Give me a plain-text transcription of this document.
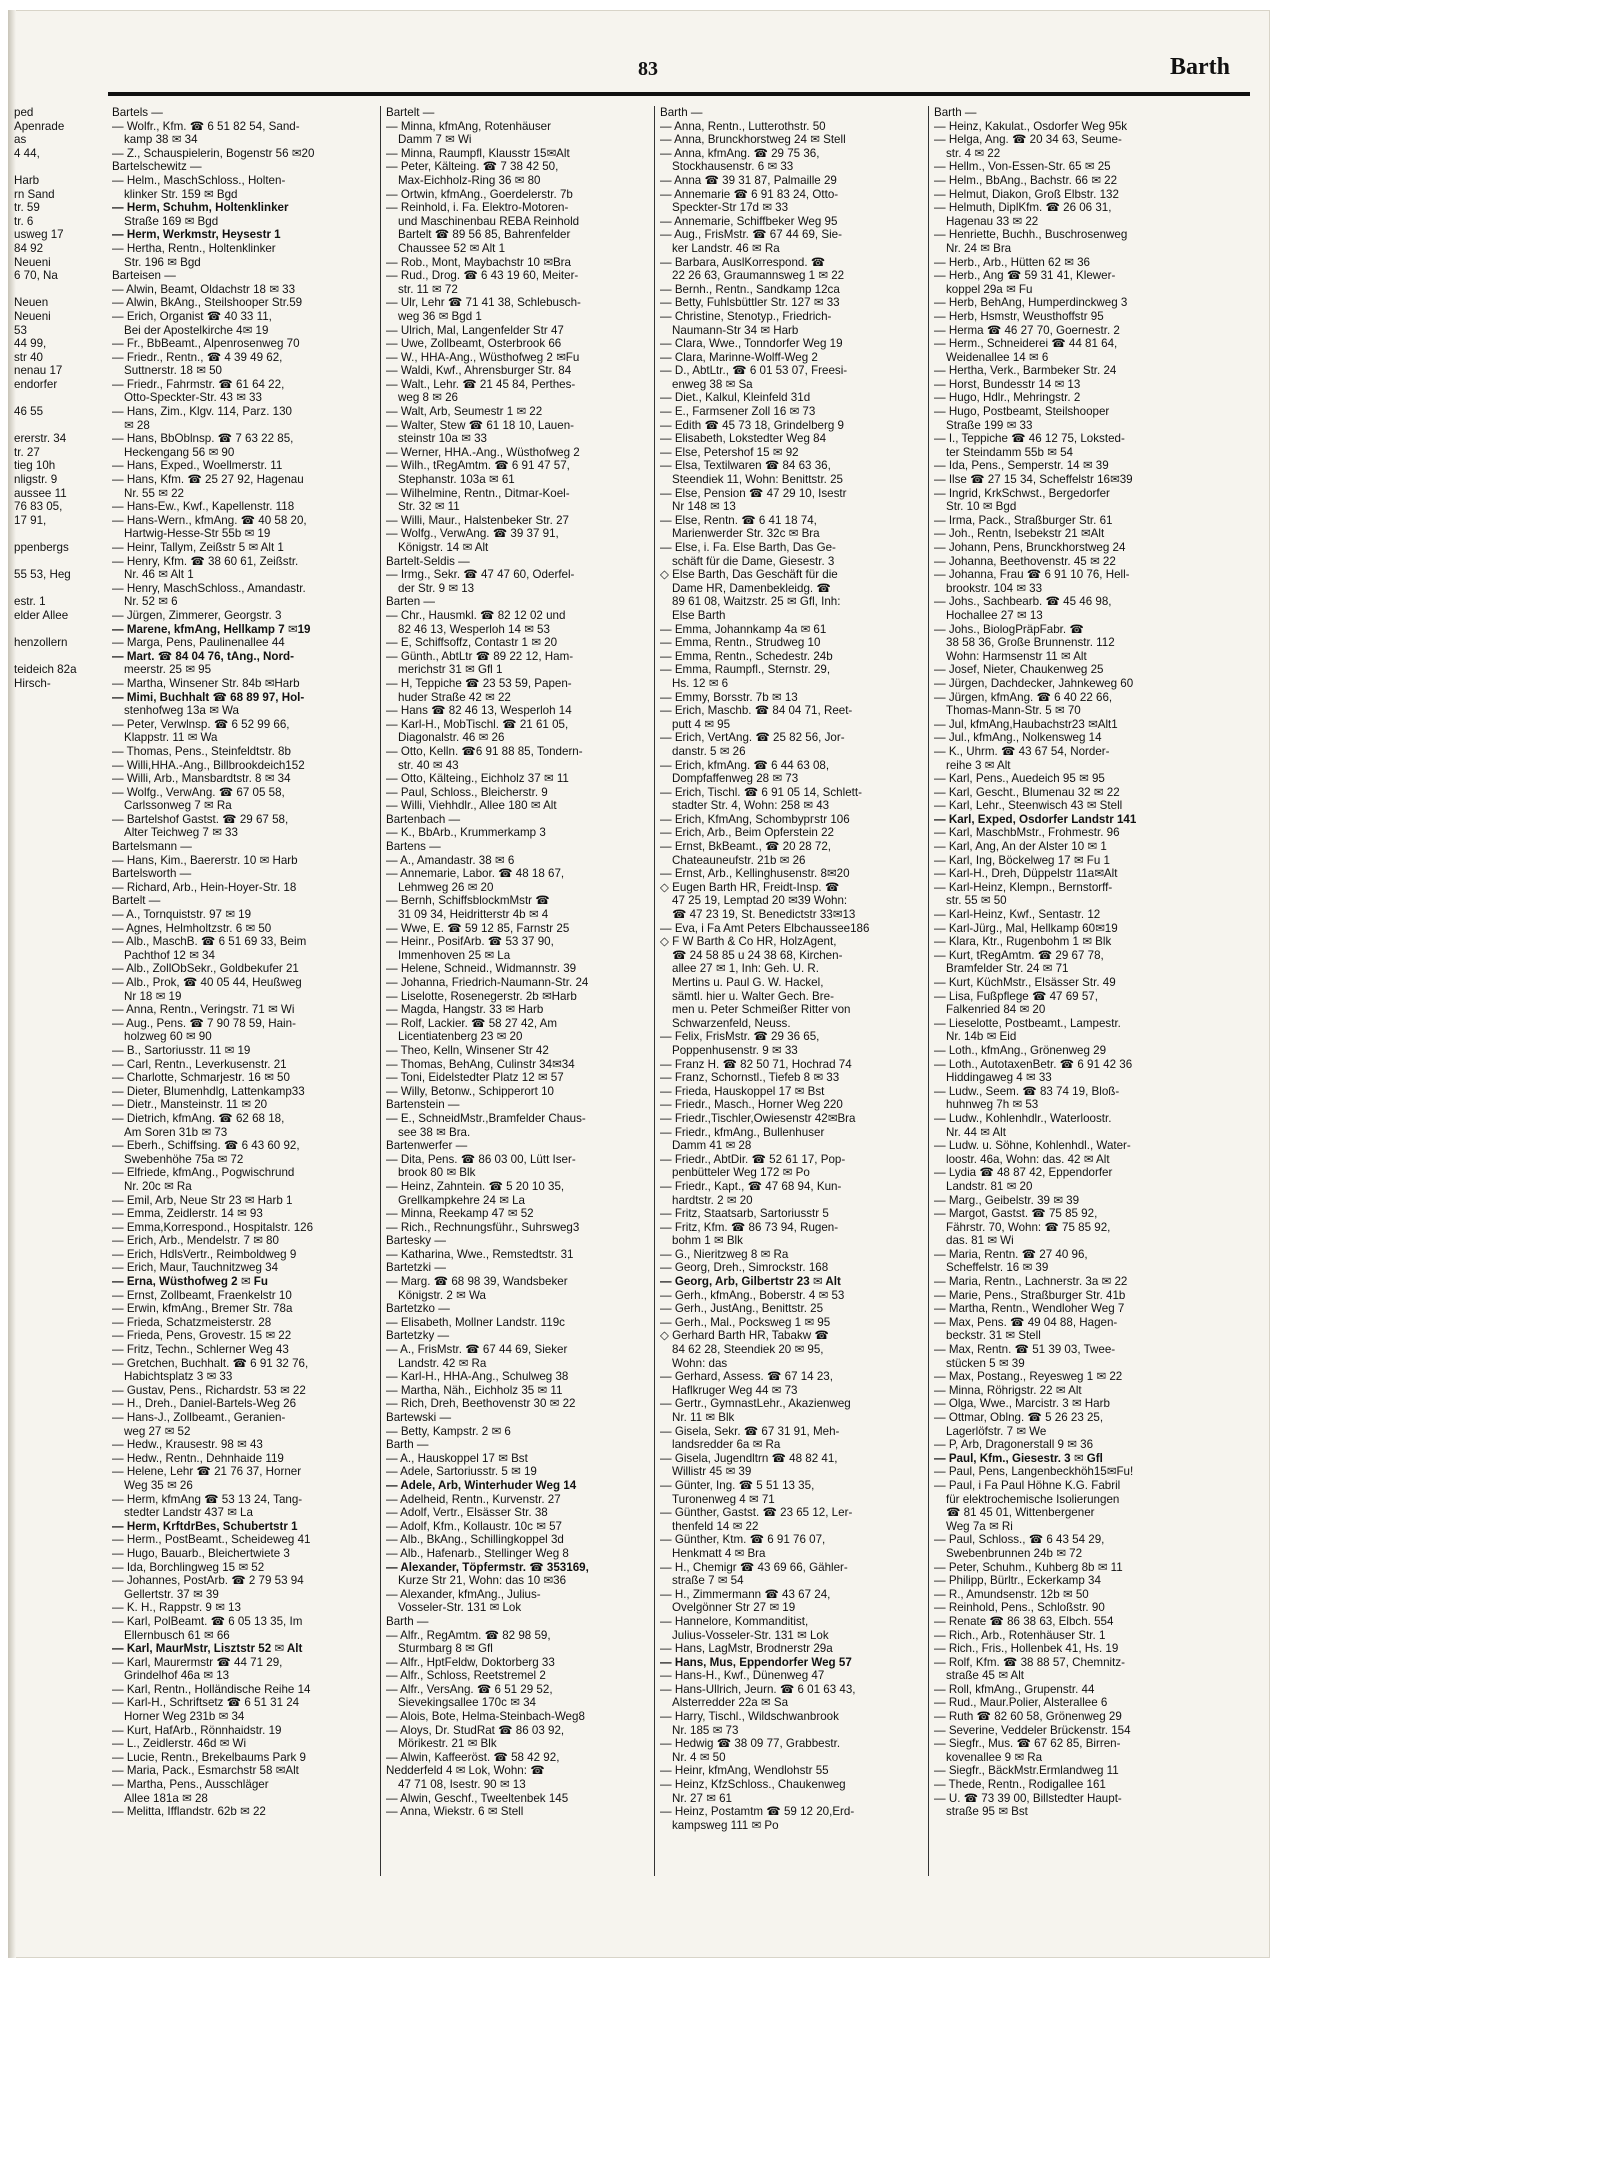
ped
Apenrade
as
4 44,

Harb
rn Sand
tr. 59
tr. 6
usweg 17
84 92
Neueni
6 70, Na

Neuen
Neueni
53
44 99,
str 40
nenau 17
endorfer

46 55

ererstr. 34
tr. 27
tieg 10h
nligstr. 9
aussee 11
76 83 05,
17 91,

ppenbergs

55 53, Heg

estr. 1
elder Allee

henzollern

teideich 82a
Hirsch-
83	Barth
Bartels —
— Wolfr., Kfm. ☎ 6 51 82 54, Sand-
kamp 38 ✉ 34
— Z., Schauspielerin, Bogenstr 56 ✉20
Bartelschewitz —
— Helm., MaschSchloss., Holten-
klinker Str. 159 ✉ Bgd
— Herm, Schuhm, Holtenklinker
Straße 169 ✉ Bgd
— Herm, Werkmstr, Heysestr 1
— Hertha, Rentn., Holtenklinker
Str. 196 ✉ Bgd
Barteisen —
— Alwin, Beamt, Oldachstr 18 ✉ 33
— Alwin, BkAng., Steilshooper Str.59
— Erich, Organist ☎ 40 33 11,
Bei der Apostelkirche 4✉ 19
— Fr., BbBeamt., Alpenrosenweg 70
— Friedr., Rentn., ☎ 4 39 49 62,
Suttnerstr. 18 ✉ 50
— Friedr., Fahrmstr. ☎ 61 64 22,
Otto-Speckter-Str. 43 ✉ 33
— Hans, Zim., Klgv. 114, Parz. 130
✉ 28
— Hans, BbOblnsp. ☎ 7 63 22 85,
Heckengang 56 ✉ 90
— Hans, Exped., Woellmerstr. 11
— Hans, Kfm. ☎ 25 27 92, Hagenau
Nr. 55 ✉ 22
— Hans-Ew., Kwf., Kapellenstr. 118
— Hans-Wern., kfmAng. ☎ 40 58 20,
Hartwig-Hesse-Str 55b ✉ 19
— Heinr, Tallym, Zeißstr 5 ✉ Alt 1
— Henry, Kfm. ☎ 38 60 61, Zeißstr.
Nr. 46 ✉ Alt 1
— Henry, MaschSchloss., Amandastr.
Nr. 52 ✉ 6
— Jürgen, Zimmerer, Georgstr. 3
— Marene, kfmAng, Hellkamp 7 ✉19
— Marga, Pens, Paulinenallee 44
— Mart. ☎ 84 04 76, tAng., Nord-
meerstr. 25 ✉ 95
— Martha, Winsener Str. 84b ✉Harb
— Mimi, Buchhalt ☎ 68 89 97, Hol-
stenhofweg 13a ✉ Wa
— Peter, Verwlnsp. ☎ 6 52 99 66,
Klappstr. 11 ✉ Wa
— Thomas, Pens., Steinfeldtstr. 8b
— Willi,HHA.-Ang., Billbrookdeich152
— Willi, Arb., Mansbardtstr. 8 ✉ 34
— Wolfg., VerwAng. ☎ 67 05 58,
Carlssonweg 7 ✉ Ra
— Bartelshof Gastst. ☎ 29 67 58,
Alter Teichweg 7 ✉ 33
Bartelsmann —
— Hans, Kim., Baererstr. 10 ✉ Harb
Bartelsworth —
— Richard, Arb., Hein-Hoyer-Str. 18
Bartelt —
— A., Tornquiststr. 97 ✉ 19
— Agnes, Helmholtzstr. 6 ✉ 50
— Alb., MaschB. ☎ 6 51 69 33, Beim
Pachthof 12 ✉ 34
— Alb., ZollObSekr., Goldbekufer 21
— Alb., Prok, ☎ 40 05 44, Heußweg
Nr 18 ✉ 19
— Anna, Rentn., Veringstr. 71 ✉ Wi
— Aug., Pens. ☎ 7 90 78 59, Hain-
holzweg 60 ✉ 90
— B., Sartoriusstr. 11 ✉ 19
— Carl, Rentn., Leverkusenstr. 21
— Charlotte, Schmarjestr. 16 ✉ 50
— Dieter, Blumenhdlg, Lattenkamp33
— Dietr., Mansteinstr. 11 ✉ 20
— Dietrich, kfmAng. ☎ 62 68 18,
Am Soren 31b ✉ 73
— Eberh., Schiffsing. ☎ 6 43 60 92,
Swebenhöhe 75a ✉ 72
— Elfriede, kfmAng., Pogwischrund
Nr. 20c ✉ Ra
— Emil, Arb, Neue Str 23 ✉ Harb 1
— Emma, Zeidlerstr. 14 ✉ 93
— Emma,Korrespond., Hospitalstr. 126
— Erich, Arb., Mendelstr. 7 ✉ 80
— Erich, HdlsVertr., Reimboldweg 9
— Erich, Maur, Tauchnitzweg 34
— Erna, Wüsthofweg 2 ✉ Fu
— Ernst, Zollbeamt, Fraenkelstr 10
— Erwin, kfmAng., Bremer Str. 78a
— Friedа, Schatzmeisterstr. 28
— Frieda, Pens, Grovestr. 15 ✉ 22
— Fritz, Techn., Schlerner Weg 43
— Gretchen, Buchhalt. ☎ 6 91 32 76,
Habichtsplatz 3 ✉ 33
— Gustav, Pens., Richardstr. 53 ✉ 22
— H., Dreh., Daniel-Bartels-Weg 26
— Hans-J., Zollbeamt., Geranien-
weg 27 ✉ 52
— Hedw., Krausestr. 98 ✉ 43
— Hedw., Rentn., Dehnhaide 119
— Helene, Lehr ☎ 21 76 37, Horner
Weg 35 ✉ 26
— Herm, kfmAng ☎ 53 13 24, Tang-
stedter Landstr 437 ✉ La
— Herm, KrftdrBes, Schubertstr 1
— Herm., PostBeamt., Scheideweg 41
— Hugo, Bauarb., Bleichertwiete 3
— Ida, Borchlingweg 15 ✉ 52
— Johannes, PostArb. ☎ 2 79 53 94
Gellertstr. 37 ✉ 39
— K. H., Rappstr. 9 ✉ 13
— Karl, PolBeamt. ☎ 6 05 13 35, Im
Ellernbusch 61 ✉ 66
— Karl, MaurMstr, Lisztstr 52 ✉ Alt
— Karl, Maurermstr ☎ 44 71 29,
Grindelhof 46a ✉ 13
— Karl, Rentn., Holländische Reihe 14
— Karl-H., Schriftsetz ☎ 6 51 31 24
Horner Weg 231b ✉ 34
— Kurt, HafArb., Rönnhaidstr. 19
— L., Zeidlerstr. 46d ✉ Wi
— Lucie, Rentn., Brekelbaums Park 9
— Maria, Pack., Esmarchstr 58 ✉Alt
— Martha, Pens., Ausschläger
Allee 181a ✉ 28
— Melitta, Ifflandstr. 62b ✉ 22
Bartelt —
— Minna, kfmAng, Rotenhäuser
Damm 7 ✉ Wi
— Minna, Raumpfl, Klausstr 15✉Alt
— Peter, Kälteing. ☎ 7 38 42 50,
Max-Eichholz-Ring 36 ✉ 80
— Ortwin, kfmAng., Goerdelerstr. 7b
— Reinhold, i. Fa. Elektro-Motoren-
und Maschinenbau REBA Reinhold
Bartelt ☎ 89 56 85, Bahrenfelder
Chaussee 52 ✉ Alt 1
— Rob., Mont, Maybachstr 10 ✉Bra
— Rud., Drog. ☎ 6 43 19 60, Meiter-
str. 11 ✉ 72
— Ulr, Lehr ☎ 71 41 38, Schlebusch-
weg 36 ✉ Bgd 1
— Ulrich, Mal, Langenfelder Str 47
— Uwe, Zollbeamt, Osterbrook 66
— W., HHA-Ang., Wüsthofweg 2 ✉Fu
— Waldi, Kwf., Ahrensburger Str. 84
— Walt., Lehr. ☎ 21 45 84, Perthes-
weg 8 ✉ 26
— Walt, Arb, Seumestr 1 ✉ 22
— Walter, Stew ☎ 61 18 10, Lauen-
steinstr 10a ✉ 33
— Werner, HHA.-Ang., Wüsthofweg 2
— Wilh., tRegAmtm. ☎ 6 91 47 57,
Stephanstr. 103a ✉ 61
— Wilhelmine, Rentn., Ditmar-Koel-
Str. 32 ✉ 11
— Willi, Maur., Halstenbeker Str. 27
— Wolfg., VerwAng. ☎ 39 37 91,
Königstr. 14 ✉ Alt
Bartelt-Seldis —
— Irmg., Sekr. ☎ 47 47 60, Oderfel-
der Str. 9 ✉ 13
Barten —
— Chr., Hausmkl. ☎ 82 12 02 und
82 46 13, Wesperloh 14 ✉ 53
— E, Schiffsoffz, Contastr 1 ✉ 20
— Günth., AbtLtr ☎ 89 22 12, Ham-
merichstr 31 ✉ Gfl 1
— H, Teppiche ☎ 23 53 59, Papen-
huder Straße 42 ✉ 22
— Hans ☎ 82 46 13, Wesperloh 14
— Karl-H., MobTischl. ☎ 21 61 05,
Diagonalstr. 46 ✉ 26
— Otto, Kelln. ☎6 91 88 85, Tondern-
str. 40 ✉ 43
— Otto, Kälteing., Eichholz 37 ✉ 11
— Paul, Schloss., Bleicherstr. 9
— Willi, Viehhdlr., Allee 180 ✉ Alt
Bartenbach —
— K., BbArb., Krummerkamp 3
Bartens —
— A., Amandastr. 38 ✉ 6
— Annemarie, Labor. ☎ 48 18 67,
Lehmweg 26 ✉ 20
— Bernh, SchiffsblockmMstr ☎
31 09 34, Heidritterstr 4b ✉ 4
— Wwe, E. ☎ 59 12 85, Farnstr 25
— Heinr., PosifArb. ☎ 53 37 90,
Immenhoven 25 ✉ La
— Helene, Schneid., Widmannstr. 39
— Johanna, Friedrich-Naumann-Str. 24
— Liselotte, Rosenegerstr. 2b ✉Harb
— Magda, Hangstr. 33 ✉ Harb
— Rolf, Lackier. ☎ 58 27 42, Am
Licentiatenberg 23 ✉ 20
— Theo, Kelln, Winsener Str 42
— Thomas, BehAng, Culinstr 34✉34
— Toni, Eidelstedter Platz 12 ✉ 57
— Willy, Betonw., Schipperort 10
Bartenstein —
— E., SchneidMstr.,Bramfelder Chaus-
see 38 ✉ Bra.
Bartenwerfer —
— Dita, Pens. ☎ 86 03 00, Lütt Iser-
brook 80 ✉ Blk
— Heinz, Zahntein. ☎ 5 20 10 35,
Grellkampkehre 24 ✉ La
— Minna, Reekamp 47 ✉ 52
— Rich., Rechnungsführ., Suhrsweg3
Bartesky —
— Katharina, Wwe., Remstedtstr. 31
Bartetzki —
— Marg. ☎ 68 98 39, Wandsbeker
Königstr. 2 ✉ Wa
Bartetzko —
— Elisabeth, Mollner Landstr. 119c
Bartetzky —
— A., FrisMstr. ☎ 67 44 69, Sieker
Landstr. 42 ✉ Ra
— Karl-H., HHA-Ang., Schulweg 38
— Martha, Näh., Eichholz 35 ✉ 11
— Rich, Dreh, Beethovenstr 30 ✉ 22
Bartewski —
— Betty, Kampstr. 2 ✉ 6
Barth —
— A., Hauskoppel 17 ✉ Bst
— Adele, Sartoriusstr. 5 ✉ 19
— Adele, Arb, Winterhuder Weg 14
— Adelheid, Rentn., Kurvenstr. 27
— Adolf, Vertr., Elsässer Str. 38
— Adolf, Kfm., Kollaustr. 10c ✉ 57
— Alb., BkAng., Schillingkoppel 3d
— Alb., Hafenarb., Stellinger Weg 8
— Alexander, Töpfermstr. ☎ 353169,
Kurze Str 21, Wohn: das 10 ✉36
— Alexander, kfmAng., Julius-
Vosseler-Str. 131 ✉ Lok
Barth —
— Alfr., RegAmtm. ☎ 82 98 59,
Sturmbarg 8 ✉ Gfl
— Alfr., HptFeldw, Doktorberg 33
— Alfr., Schloss, Reetstremel 2
— Alfr., VersAng. ☎ 6 51 29 52,
Sievekingsallee 170c ✉ 34
— Alois, Bote, Helma-Steinbach-Weg8
— Aloys, Dr. StudRat ☎ 86 03 92,
Mörikestr. 21 ✉ Blk
— Alwin, Kaffeeröst. ☎ 58 42 92,
Nedderfeld 4 ✉ Lok, Wohn: ☎
47 71 08, Isestr. 90 ✉ 13
— Alwin, Geschf., Tweeltenbek 145
— Anna, Wiekstr. 6 ✉ Stell
Barth —
— Anna, Rentn., Lutterothstr. 50
— Anna, Brunckhorstweg 24 ✉ Stell
— Anna, kfmAng. ☎ 29 75 36,
Stockhausenstr. 6 ✉ 33
— Anna ☎ 39 31 87, Palmaille 29
— Annemarie ☎ 6 91 83 24, Otto-
Speckter-Str 17d ✉ 33
— Annemarie, Schiffbeker Weg 95
— Aug., FrisMstr. ☎ 67 44 69, Sie-
ker Landstr. 46 ✉ Ra
— Barbara, AuslKorrespond. ☎
22 26 63, Graumannsweg 1 ✉ 22
— Bernh., Rentn., Sandkamp 12ca
— Betty, Fuhlsbüttler Str. 127 ✉ 33
— Christine, Stenotyp., Friedrich-
Naumann-Str 34 ✉ Harb
— Clara, Wwe., Tonndorfer Weg 19
— Clara, Marinne-Wolff-Weg 2
— D., AbtLtr., ☎ 6 01 53 07, Freesi-
enweg 38 ✉ Sa
— Diet., Kalkul, Kleinfeld 31d
— E., Farmsener Zoll 16 ✉ 73
— Edith ☎ 45 73 18, Grindelberg 9
— Elisabeth, Lokstedter Weg 84
— Else, Petershof 15 ✉ 92
— Elsa, Textilwaren ☎ 84 63 36,
Steendiek 11, Wohn: Benittstr. 25
— Else, Pension ☎ 47 29 10, Isestr
Nr 148 ✉ 13
— Else, Rentn. ☎ 6 41 18 74,
Marienwerder Str. 32c ✉ Bra
— Else, i. Fa. Else Barth, Das Ge-
schäft für die Dame, Giesestr. 3
◇ Else Barth, Das Geschäft für die
Dame HR, Damenbekleidg. ☎
89 61 08, Waitzstr. 25 ✉ Gfl, Inh:
Else Barth
— Emma, Johannkamp 4a ✉ 61
— Emma, Rentn., Strudweg 10
— Emma, Rentn., Schedestr. 24b
— Emma, Raumpfl., Sternstr. 29,
Hs. 12 ✉ 6
— Emmy, Borsstr. 7b ✉ 13
— Erich, Maschb. ☎ 84 04 71, Reet-
putt 4 ✉ 95
— Erich, VertAng. ☎ 25 82 56, Jor-
danstr. 5 ✉ 26
— Erich, kfmAng. ☎ 6 44 63 08,
Dompfaffenweg 28 ✉ 73
— Erich, Tischl. ☎ 6 91 05 14, Schlett-
stadter Str. 4, Wohn: 258 ✉ 43
— Erich, KfmAng, Schombургstr 106
— Erich, Arb., Beim Opferstein 22
— Ernst, BkBeamt., ☎ 20 28 72,
Chateauneufstr. 21b ✉ 26
— Ernst, Arb., Kellinghusenstr. 8✉20
◇ Eugen Barth HR, Freidt-Insp. ☎
47 25 19, Lemptad 20 ✉39 Wohn:
☎ 47 23 19, St. Benedictstr 33✉13
— Eva, i Fa Amt Peters Elbchaussee186
◇ F W Barth & Co HR, HolzAgent,
☎ 24 58 85 u 24 38 68, Kirchen-
allee 27 ✉ 1, Inh: Geh. U. R.
Mertins u. Paul G. W. Hackel,
sämtl. hier u. Walter Gech. Bre-
men u. Peter Schmeißer Ritter von
Schwarzenfeld, Neuss.
— Felix, FrisMstr. ☎ 29 36 65,
Poppenhusenstr. 9 ✉ 33
— Franz H. ☎ 82 50 71, Hochrad 74
— Franz, Schornstl., Tiefeb 8 ✉ 33
— Frieda, Hauskoppel 17 ✉ Bst
— Friedr., Masch., Horner Weg 220
— Friedr.,Tischler,Owiesenstr 42✉Bra
— Friedr., kfmAng., Bullenhuser
Damm 41 ✉ 28
— Friedr., AbtDir. ☎ 52 61 17, Pop-
penbütteler Weg 172 ✉ Po
— Friedr., Kapt., ☎ 47 68 94, Kun-
hardtstr. 2 ✉ 20
— Fritz, Staatsarb, Sartoriusstr 5
— Fritz, Kfm. ☎ 86 73 94, Rugen-
bohm 1 ✉ Blk
— G., Nieritzweg 8 ✉ Ra
— Georg, Dreh., Simrockstr. 168
— Georg, Arb, Gilbertstr 23 ✉ Alt
— Gerh., kfmAng., Boberstr. 4 ✉ 53
— Gerh., JustAng., Benittstr. 25
— Gerh., Mal., Pocksweg 1 ✉ 95
◇ Gerhard Barth HR, Tabakw ☎
84 62 28, Steendiek 20 ✉ 95,
Wohn: das
— Gerhard, Assess. ☎ 67 14 23,
Haflkruger Weg 44 ✉ 73
— Gertr., GymnastLehr., Akazienweg
Nr. 11 ✉ Blk
— Gisela, Sekr. ☎ 67 31 91, Meh-
landsredder 6a ✉ Ra
— Gisela, Jugendltrn ☎ 48 82 41,
Willistr 45 ✉ 39
— Günter, Ing. ☎ 5 51 13 35,
Turonenweg 4 ✉ 71
— Günther, Gastst. ☎ 23 65 12, Ler-
thenfeld 14 ✉ 22
— Günther, Ktm. ☎ 6 91 76 07,
Henkmatt 4 ✉ Bra
— H., Chemigr ☎ 43 69 66, Gähler-
straße 7 ✉ 54
— H., Zimmermann ☎ 43 67 24,
Ovelgönner Str 27 ✉ 19
— Hannelore, Kommanditist,
Julius-Vosseler-Str. 131 ✉ Lok
— Hans, LagMstr, Brodnerstr 29a
— Hans, Mus, Eppendorfer Weg 57
— Hans-H., Kwf., Dünenweg 47
— Hans-Ullrich, Jeurn. ☎ 6 01 63 43,
Alsterredder 22a ✉ Sa
— Harry, Tischl., Wildschwanbrook
Nr. 185 ✉ 73
— Hedwig ☎ 38 09 77, Grabbestr.
Nr. 4 ✉ 50
— Heinr, kfmAng, Wendlohstr 55
— Heinz, KfzSchloss., Chaukenweg
Nr. 27 ✉ 61
— Heinz, Postamtm ☎ 59 12 20,Erd-
kampsweg 111 ✉ Po
Barth —
— Heinz, Kakulat., Osdorfer Weg 95k
— Helga, Ang. ☎ 20 34 63, Seume-
str. 4 ✉ 22
— Hellm., Von-Essen-Str. 65 ✉ 25
— Helm., BbAng., Bachstr. 66 ✉ 22
— Helmut, Diakon, Groß Elbstr. 132
— Helmuth, DiplKfm. ☎ 26 06 31,
Hagenau 33 ✉ 22
— Henriette, Buchh., Buschrosenweg
Nr. 24 ✉ Bra
— Herb., Arb., Hütten 62 ✉ 36
— Herb., Ang ☎ 59 31 41, Klewer-
koppel 29a ✉ Fu
— Herb, BehAng, Humperdinckweg 3
— Herb, Hsmstr, Weusthoffstr 95
— Herma ☎ 46 27 70, Goernestr. 2
— Herm., Schneiderei ☎ 44 81 64,
Weidenallee 14 ✉ 6
— Hertha, Verk., Barmbeker Str. 24
— Horst, Bundesstr 14 ✉ 13
— Hugo, Hdlr., Mehringstr. 2
— Hugo, Postbeamt, Steilshooper
Straße 199 ✉ 33
— I., Teppiche ☎ 46 12 75, Loksted-
ter Steindamm 55b ✉ 54
— Ida, Pens., Semperstr. 14 ✉ 39
— Ilse ☎ 27 15 34, Scheffelstr 16✉39
— Ingrid, KrkSchwst., Bergedorfer
Str. 10 ✉ Bgd
— Irma, Pack., Straßburger Str. 61
— Joh., Rentn, Isebekstr 21 ✉Alt
— Johann, Pens, Brunckhorstweg 24
— Johanna, Beethovenstr. 45 ✉ 22
— Johanna, Frau ☎ 6 91 10 76, Hell-
brookstr. 104 ✉ 33
— Johs., Sachbearb. ☎ 45 46 98,
Hochallee 27 ✉ 13
— Johs., BiologPräpFabr. ☎
38 58 36, Große Brunnenstr. 112
Wohn: Harmsenstr 11 ✉ Alt
— Josef, Nieter, Chaukenweg 25
— Jürgen, Dachdecker, Jahnkeweg 60
— Jürgen, kfmAng. ☎ 6 40 22 66,
Thomas-Mann-Str. 5 ✉ 70
— Jul, kfmAng,Haubachstr23 ✉Alt1
— Jul., kfmAng., Nolkensweg 14
— K., Uhrm. ☎ 43 67 54, Norder-
reihe 3 ✉ Alt
— Karl, Pens., Auedeich 95 ✉ 95
— Karl, Gescht., Blumenau 32 ✉ 22
— Karl, Lehr., Steenwisch 43 ✉ Stell
— Karl, Exped, Osdorfer Landstr 141
— Karl, MaschbMstr., Frohmestr. 96
— Karl, Ang, An der Alster 10 ✉ 1
— Karl, Ing, Böckelweg 17 ✉ Fu 1
— Karl-H., Dreh, Düppelstr 11a✉Alt
— Karl-Heinz, Klempn., Bernstorff-
str. 55 ✉ 50
— Karl-Heinz, Kwf., Sentastr. 12
— Karl-Jürg., Mal, Hellkamp 60✉19
— Klara, Ktr., Rugenbohm 1 ✉ Blk
— Kurt, tRegAmtm. ☎ 29 67 78,
Bramfelder Str. 24 ✉ 71
— Kurt, KüchMstr., Elsässer Str. 49
— Lisa, Fußpflege ☎ 47 69 57,
Falkenried 84 ✉ 20
— Lieselotte, Postbeamt., Lampestr.
Nr. 14b ✉ Eid
— Loth., kfmAng., Grönenweg 29
— Loth., AutotaxenBetr. ☎ 6 91 42 36
Hiddingaweg 4 ✉ 33
— Ludw., Seem. ☎ 83 74 19, Bloß-
huhnweg 7h ✉ 53
— Ludw., Kohlenhdlr., Waterloostr.
Nr. 44 ✉ Alt
— Ludw. u. Söhne, Kohlenhdl., Water-
loostr. 46a, Wohn: das. 42 ✉ Alt
— Lydia ☎ 48 87 42, Eppendorfer
Landstr. 81 ✉ 20
— Marg., Geibelstr. 39 ✉ 39
— Margot, Gastst. ☎ 75 85 92,
Fährstr. 70, Wohn: ☎ 75 85 92,
das. 81 ✉ Wi
— Maria, Rentn. ☎ 27 40 96,
Scheffelstr. 16 ✉ 39
— Maria, Rentn., Lachnerstr. 3a ✉ 22
— Marie, Pens., Straßburger Str. 41b
— Martha, Rentn., Wendloher Weg 7
— Max, Pens. ☎ 49 04 88, Hagen-
beckstr. 31 ✉ Stell
— Max, Rentn. ☎ 51 39 03, Twee-
stücken 5 ✉ 39
— Max, Postang., Reyesweg 1 ✉ 22
— Minna, Röhrigstr. 22 ✉ Alt
— Olga, Wwe., Marcistr. 3 ✉ Harb
— Ottmar, Oblng. ☎ 5 26 23 25,
Lagerlöfstr. 7 ✉ We
— P, Arb, Dragonerstall 9 ✉ 36
— Paul, Kfm., Giesestr. 3 ✉ Gfl
— Paul, Pens, Langenbeckhöh15✉Fu!
— Paul, i Fa Paul Höhne K.G. Fabril
für elektrochemische Isolierungen
☎ 81 45 01, Wittenbergener
Weg 7a ✉ Ri
— Paul, Schloss., ☎ 6 43 54 29,
Swebenbrunnen 24b ✉ 72
— Peter, Schuhm., Kuhberg 8b ✉ 11
— Philipp, Bürltr., Eckerkamp 34
— R., Amundsenstr. 12b ✉ 50
— Reinhold, Pens., Schloßstr. 90
— Renate ☎ 86 38 63, Elbch. 554
— Rich., Arb., Rotenhäuser Str. 1
— Rich., Fris., Hollenbek 41, Hs. 19
— Rolf, Kfm. ☎ 38 88 57, Chemnitz-
straße 45 ✉ Alt
— Roll, kfmAng., Grupenstr. 44
— Rud., Maur.Polier, Alsterallee 6
— Ruth ☎ 82 60 58, Grönenweg 29
— Severine, Veddeler Brückenstr. 154
— Siegfr., Mus. ☎ 67 62 85, Birren-
kovenallee 9 ✉ Ra
— Siegfr., BäckMstr.Ermlandweg 11
— Thede, Rentn., Rodigallee 161
— U. ☎ 73 39 00, Billstedter Haupt-
straße 95 ✉ Bst
